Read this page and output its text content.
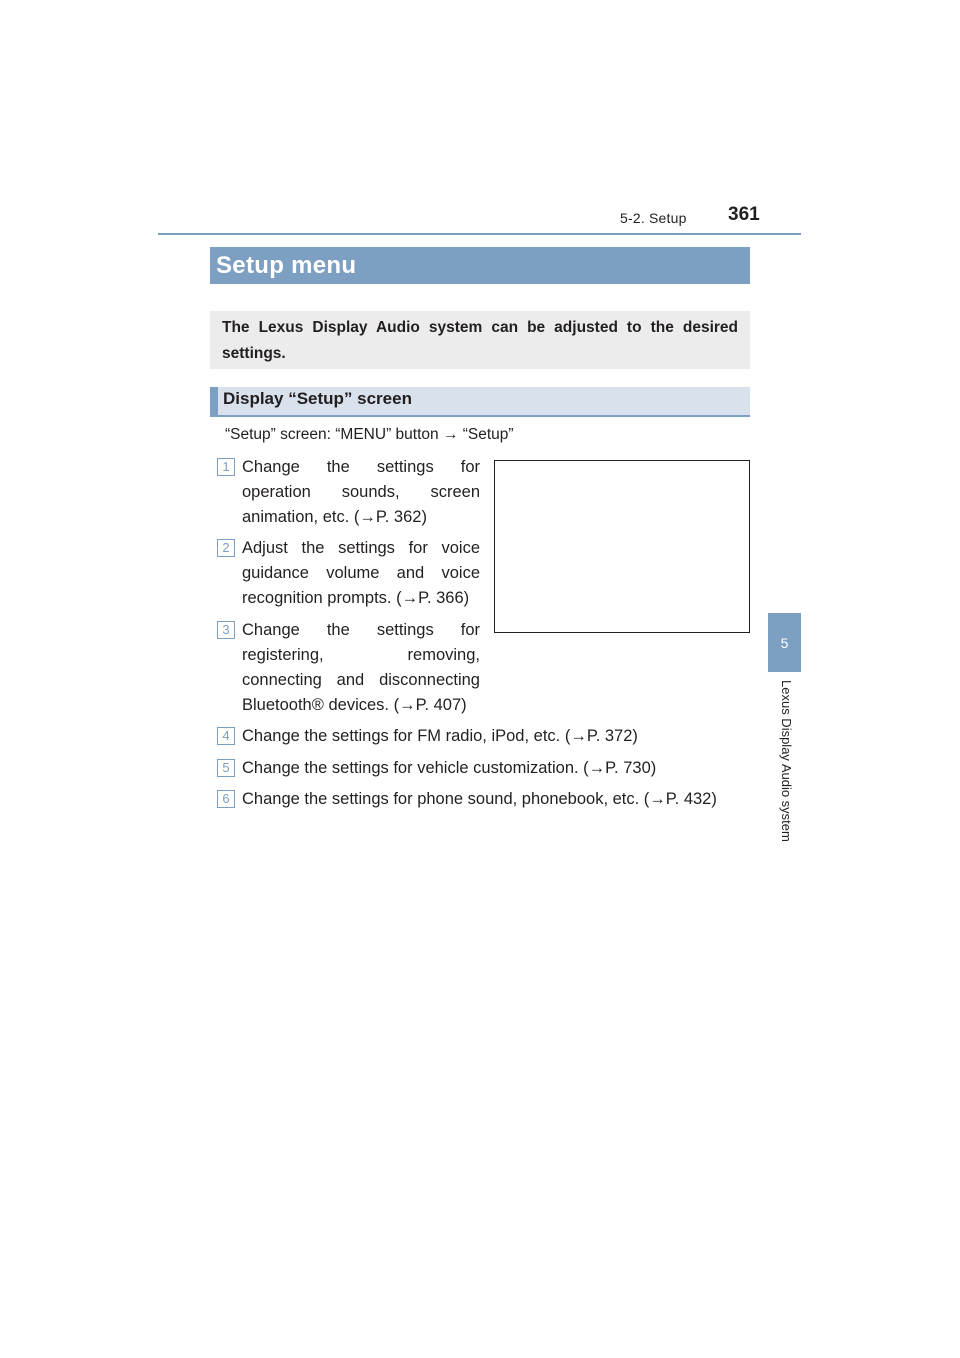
5-2. Setup 361
5
Lexus Display Audio system
Setup menu
The Lexus Display Audio system can be adjusted to the desired settings.
Display “Setup” screen
“Setup” screen: “MENU” button → “Setup”
1 Change the settings for operation sounds, screen animation, etc. (→P. 362)
2 Adjust the settings for voice guidance volume and voice recognition prompts. (→P. 366)
3 Change the settings for registering, removing, connecting and disconnecting Bluetooth® devices. (→P. 407)
4 Change the settings for FM radio, iPod, etc. (→P. 372)
5 Change the settings for vehicle customization. (→P. 730)
6 Change the settings for phone sound, phonebook, etc. (→P. 432)
